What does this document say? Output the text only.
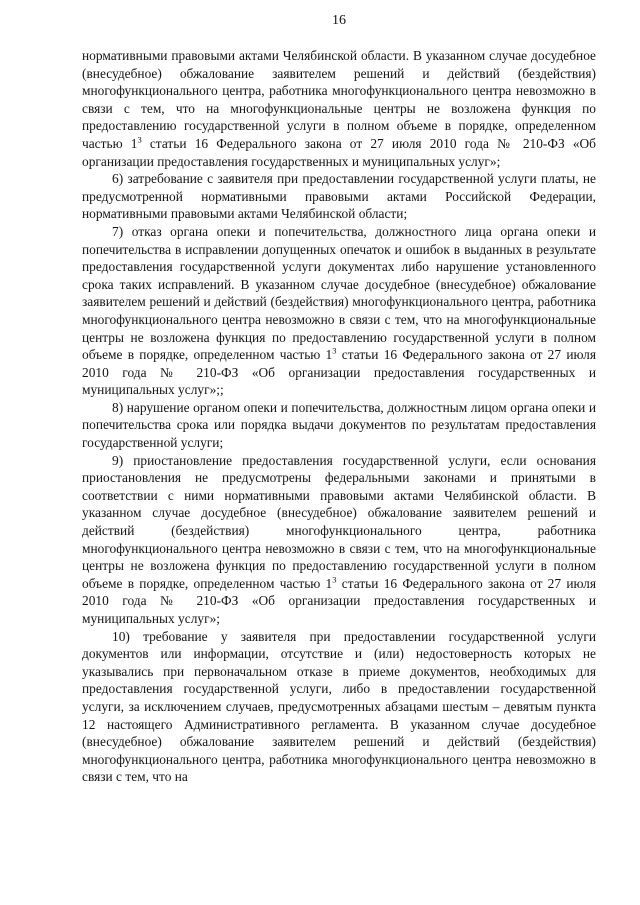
16

нормативными правовыми актами Челябинской области. В указанном случае досудебное (внесудебное) обжалование заявителем решений и действий (бездействия) многофункционального центра, работника многофункционального центра невозможно в связи с тем, что на многофункциональные центры не возложена функция по предоставлению государственной услуги в полном объеме в порядке, определенном частью $1^3$ статьи 16 Федерального закона от 27 июля 2010 года № 210-ФЗ «Об организации предоставления государственных и муниципальных услуг»;

6) затребование с заявителя при предоставлении государственной услуги платы, не предусмотренной нормативными правовыми актами Российской Федерации, нормативными правовыми актами Челябинской области;

7) отказ органа опеки и попечительства, должностного лица органа опеки и попечительства в исправлении допущенных опечаток и ошибок в выданных в результате предоставления государственной услуги документах либо нарушение установленного срока таких исправлений. В указанном случае досудебное (внесудебное) обжалование заявителем решений и действий (бездействия) многофункционального центра, работника многофункционального центра невозможно в связи с тем, что на многофункциональные центры не возложена функция по предоставлению государственной услуги в полном объеме в порядке, определенном частью $1^3$ статьи 16 Федерального закона от 27 июля 2010 года № 210-ФЗ «Об организации предоставления государственных и муниципальных услуг»;;

8) нарушение органом опеки и попечительства, должностным лицом органа опеки и попечительства срока или порядка выдачи документов по результатам предоставления государственной услуги;

9) приостановление предоставления государственной услуги, если основания приостановления не предусмотрены федеральными законами и принятыми в соответствии с ними нормативными правовыми актами Челябинской области. В указанном случае досудебное (внесудебное) обжалование заявителем решений и действий (бездействия) многофункционального центра, работника многофункционального центра невозможно в связи с тем, что на многофункциональные центры не возложена функция по предоставлению государственной услуги в полном объеме в порядке, определенном частью $1^3$ статьи 16 Федерального закона от 27 июля 2010 года № 210-ФЗ «Об организации предоставления государственных и муниципальных услуг»;

10) требование у заявителя при предоставлении государственной услуги документов или информации, отсутствие и (или) недостоверность которых не указывались при первоначальном отказе в приеме документов, необходимых для предоставления государственной услуги, либо в предоставлении государственной услуги, за исключением случаев, предусмотренных абзацами шестым – девятым пункта 12 настоящего Административного регламента. В указанном случае досудебное (внесудебное) обжалование заявителем решений и действий (бездействия) многофункционального центра, работника многофункционального центра невозможно в связи с тем, что на
